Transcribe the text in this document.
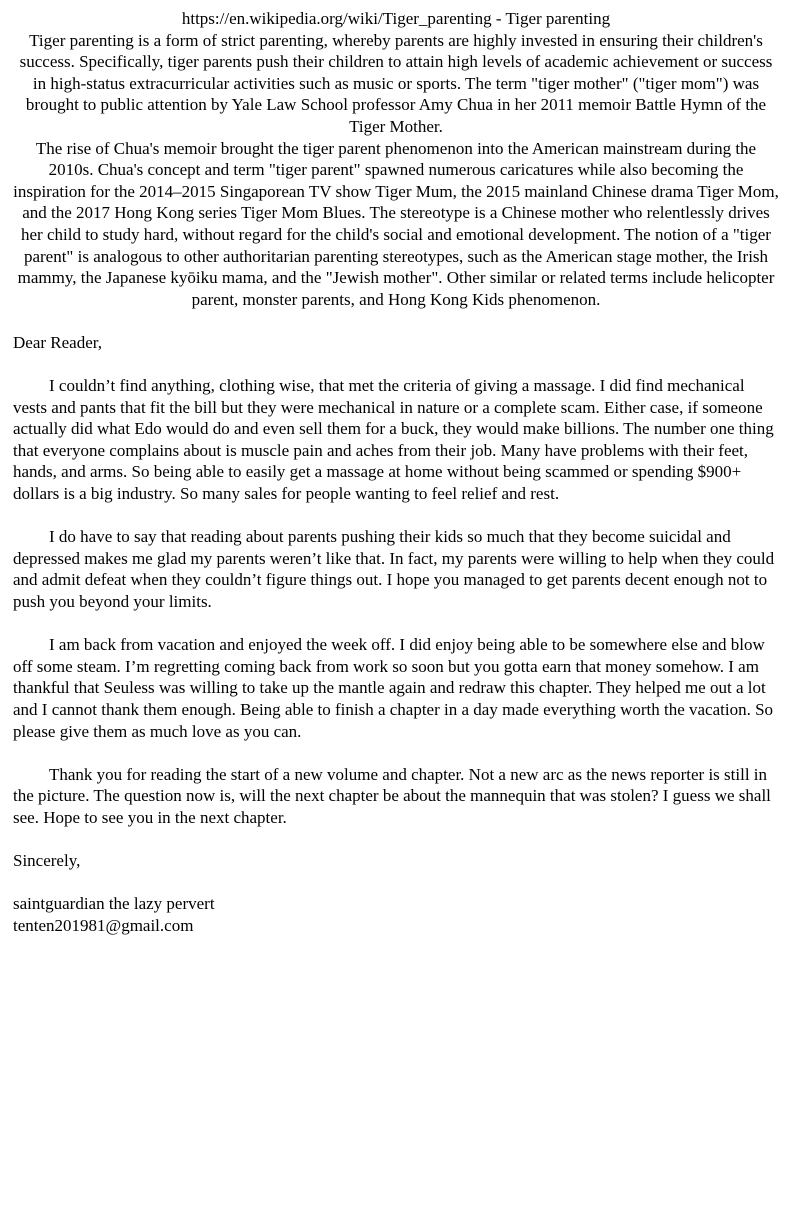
https://en.wikipedia.org/wiki/Tiger_parenting - Tiger parenting

Tiger parenting is a form of strict parenting, whereby parents are highly invested in ensuring their children's success. Specifically, tiger parents push their children to attain high levels of academic achievement or success in high-status extracurricular activities such as music or sports. The term "tiger mother" ("tiger mom") was brought to public attention by Yale Law School professor Amy Chua in her 2011 memoir Battle Hymn of the Tiger Mother.

The rise of Chua's memoir brought the tiger parent phenomenon into the American mainstream during the 2010s. Chua's concept and term "tiger parent" spawned numerous caricatures while also becoming the inspiration for the 2014–2015 Singaporean TV show Tiger Mum, the 2015 mainland Chinese drama Tiger Mom, and the 2017 Hong Kong series Tiger Mom Blues. The stereotype is a Chinese mother who relentlessly drives her child to study hard, without regard for the child's social and emotional development. The notion of a "tiger parent" is analogous to other authoritarian parenting stereotypes, such as the American stage mother, the Irish mammy, the Japanese kyōiku mama, and the "Jewish mother". Other similar or related terms include helicopter parent, monster parents, and Hong Kong Kids phenomenon.

Dear Reader,

I couldn’t find anything, clothing wise, that met the criteria of giving a massage. I did find mechanical vests and pants that fit the bill but they were mechanical in nature or a complete scam. Either case, if someone actually did what Edo would do and even sell them for a buck, they would make billions. The number one thing that everyone complains about is muscle pain and aches from their job. Many have problems with their feet, hands, and arms. So being able to easily get a massage at home without being scammed or spending $900+ dollars is a big industry. So many sales for people wanting to feel relief and rest.

I do have to say that reading about parents pushing their kids so much that they become suicidal and depressed makes me glad my parents weren’t like that. In fact, my parents were willing to help when they could and admit defeat when they couldn’t figure things out. I hope you managed to get parents decent enough not to push you beyond your limits.

I am back from vacation and enjoyed the week off. I did enjoy being able to be somewhere else and blow off some steam. I’m regretting coming back from work so soon but you gotta earn that money somehow. I am thankful that Seuless was willing to take up the mantle again and redraw this chapter. They helped me out a lot and I cannot thank them enough. Being able to finish a chapter in a day made everything worth the vacation. So please give them as much love as you can.

Thank you for reading the start of a new volume and chapter. Not a new arc as the news reporter is still in the picture. The question now is, will the next chapter be about the mannequin that was stolen? I guess we shall see. Hope to see you in the next chapter.

Sincerely,

saintguardian the lazy pervert
tenten201981@gmail.com
